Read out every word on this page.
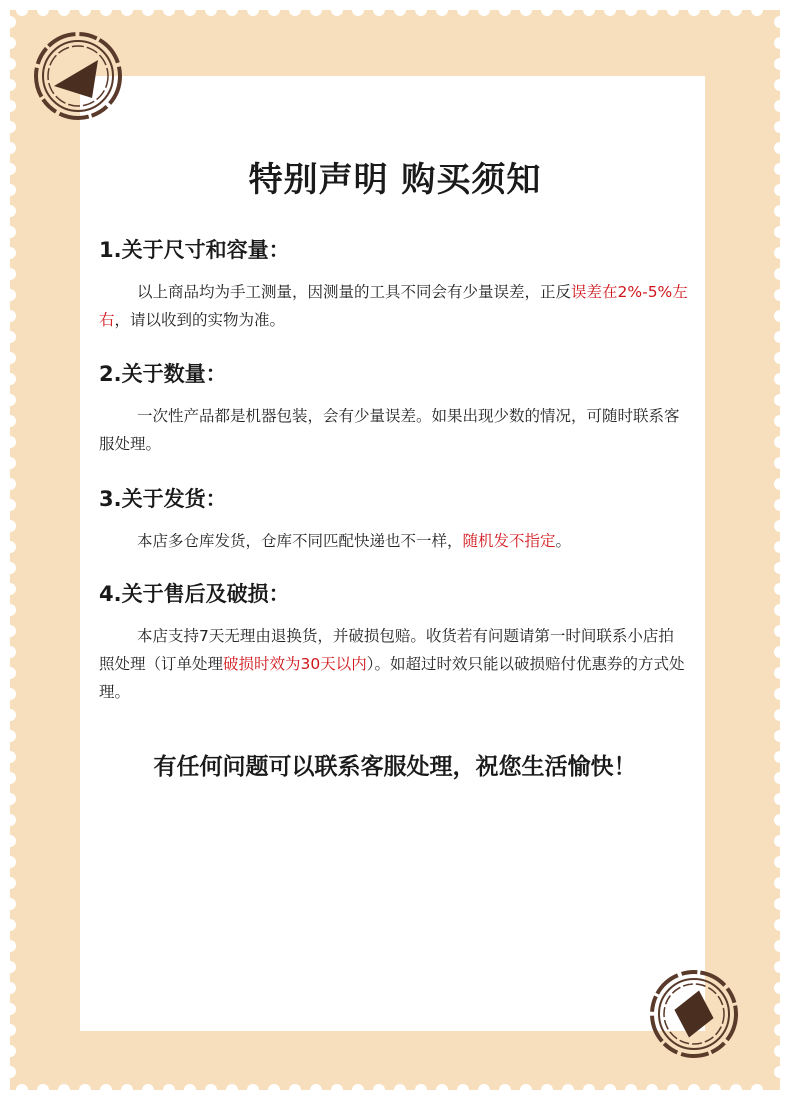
特别声明 购买须知

1.关于尺寸和容量：

以上商品均为手工测量，因测量的工具不同会有少量误差，正反误差在2%-5%左右，请以收到的实物为准。

2.关于数量：

一次性产品都是机器包装，会有少量误差。如果出现少数的情况，可随时联系客服处理。

3.关于发货：

本店多仓库发货，仓库不同匹配快递也不一样，随机发不指定。

4.关于售后及破损：

本店支持7天无理由退换货，并破损包赔。收货若有问题请第一时间联系小店拍照处理（订单处理破损时效为30天以内）。如超过时效只能以破损赔付优惠券的方式处理。

有任何问题可以联系客服处理，祝您生活愉快！
